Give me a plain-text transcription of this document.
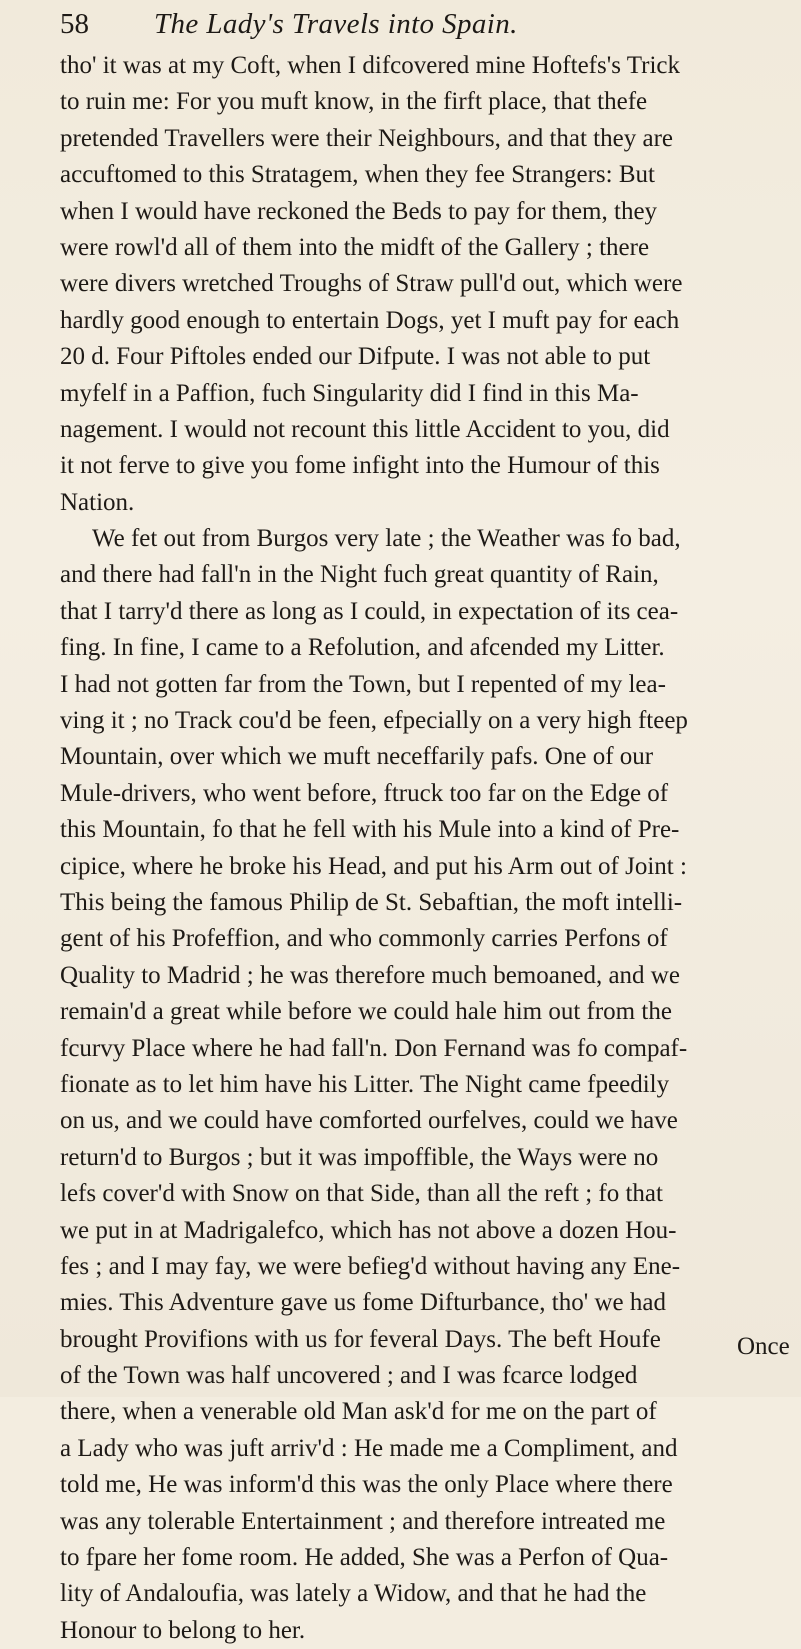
58 The Lady's Travels into Spain.
tho' it was at my Coft, when I difcovered mine Hoftefs's Trick
to ruin me: For you muft know, in the firft place, that thefe
pretended Travellers were their Neighbours, and that they are
accuftomed to this Stratagem, when they fee Strangers: But
when I would have reckoned the Beds to pay for them, they
were rowl'd all of them into the midft of the Gallery ; there
were divers wretched Troughs of Straw pull'd out, which were
hardly good enough to entertain Dogs, yet I muft pay for each
20 d. Four Piftoles ended our Difpute. I was not able to put
myfelf in a Paffion, fuch Singularity did I find in this Ma-
nagement. I would not recount this little Accident to you, did
it not ferve to give you fome infight into the Humour of this
Nation.
We fet out from Burgos very late ; the Weather was fo bad,
and there had fall'n in the Night fuch great quantity of Rain,
that I tarry'd there as long as I could, in expectation of its cea-
fing. In fine, I came to a Refolution, and afcended my Litter.
I had not gotten far from the Town, but I repented of my lea-
ving it ; no Track cou'd be feen, efpecially on a very high fteep
Mountain, over which we muft neceffarily pafs. One of our
Mule-drivers, who went before, ftruck too far on the Edge of
this Mountain, fo that he fell with his Mule into a kind of Pre-
cipice, where he broke his Head, and put his Arm out of Joint :
This being the famous Philip de St. Sebaftian, the moft intelli-
gent of his Profeffion, and who commonly carries Perfons of
Quality to Madrid ; he was therefore much bemoaned, and we
remain'd a great while before we could hale him out from the
fcurvy Place where he had fall'n. Don Fernand was fo compaf-
fionate as to let him have his Litter. The Night came fpeedily
on us, and we could have comforted ourfelves, could we have
return'd to Burgos ; but it was impoffible, the Ways were no
lefs cover'd with Snow on that Side, than all the reft ; fo that
we put in at Madrigalefco, which has not above a dozen Hou-
fes ; and I may fay, we were befieg'd without having any Ene-
mies. This Adventure gave us fome Difturbance, tho' we had
brought Provifions with us for feveral Days. The beft Houfe
of the Town was half uncovered ; and I was fcarce lodged
there, when a venerable old Man ask'd for me on the part of
a Lady who was juft arriv'd : He made me a Compliment, and
told me, He was inform'd this was the only Place where there
was any tolerable Entertainment ; and therefore intreated me
to fpare her fome room. He added, She was a Perfon of Qua-
lity of Andaloufia, was lately a Widow, and that he had the
Honour to belong to her.
Once
